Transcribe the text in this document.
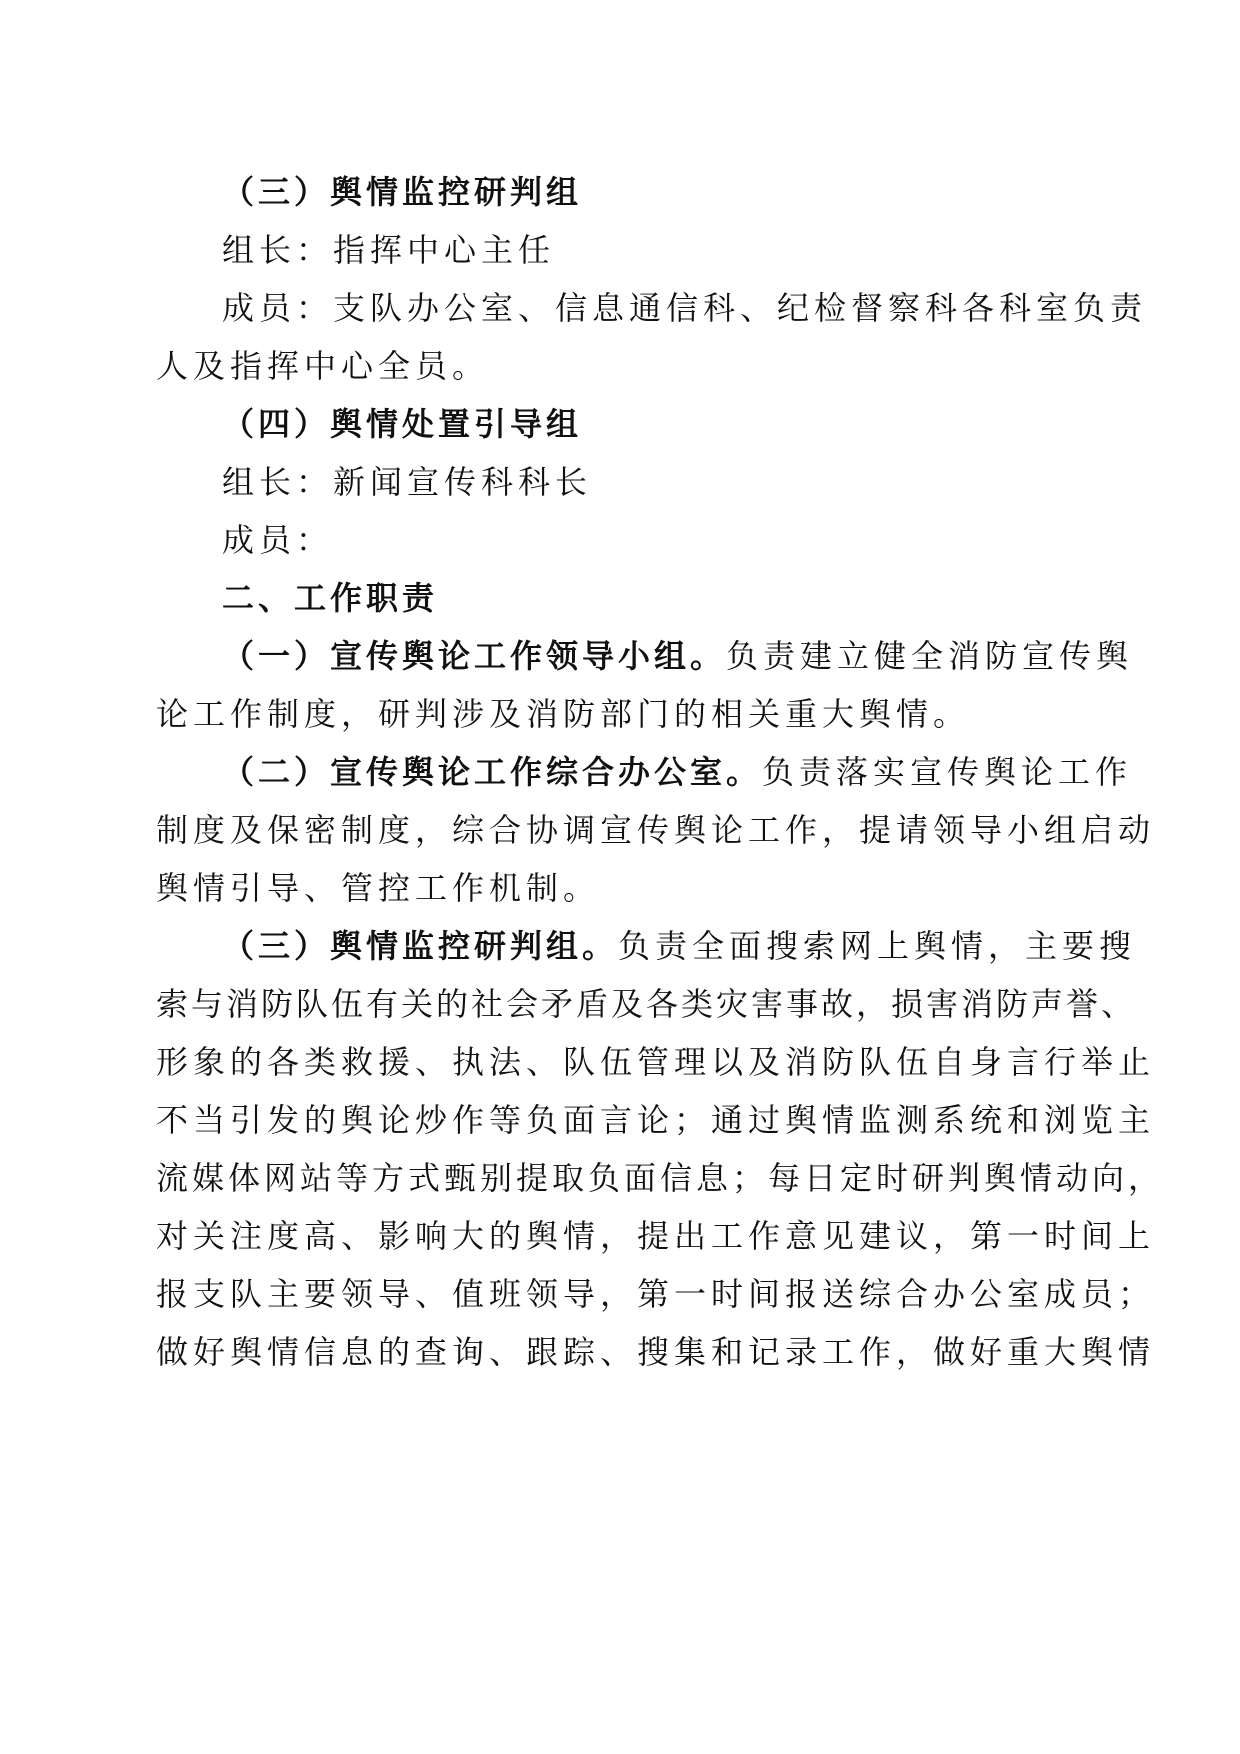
（三）舆情监控研判组
组长：指挥中心主任
成员：支队办公室、信息通信科、纪检督察科各科室负责
人及指挥中心全员。
（四）舆情处置引导组
组长：新闻宣传科科长
成员：
二、工作职责
（一）宣传舆论工作领导小组。负责建立健全消防宣传舆
论工作制度，研判涉及消防部门的相关重大舆情。
（二）宣传舆论工作综合办公室。负责落实宣传舆论工作
制度及保密制度，综合协调宣传舆论工作，提请领导小组启动
舆情引导、管控工作机制。
（三）舆情监控研判组。负责全面搜索网上舆情，主要搜
索与消防队伍有关的社会矛盾及各类灾害事故，损害消防声誉、
形象的各类救援、执法、队伍管理以及消防队伍自身言行举止
不当引发的舆论炒作等负面言论；通过舆情监测系统和浏览主
流媒体网站等方式甄别提取负面信息；每日定时研判舆情动向，
对关注度高、影响大的舆情，提出工作意见建议，第一时间上
报支队主要领导、值班领导，第一时间报送综合办公室成员；
做好舆情信息的查询、跟踪、搜集和记录工作，做好重大舆情
